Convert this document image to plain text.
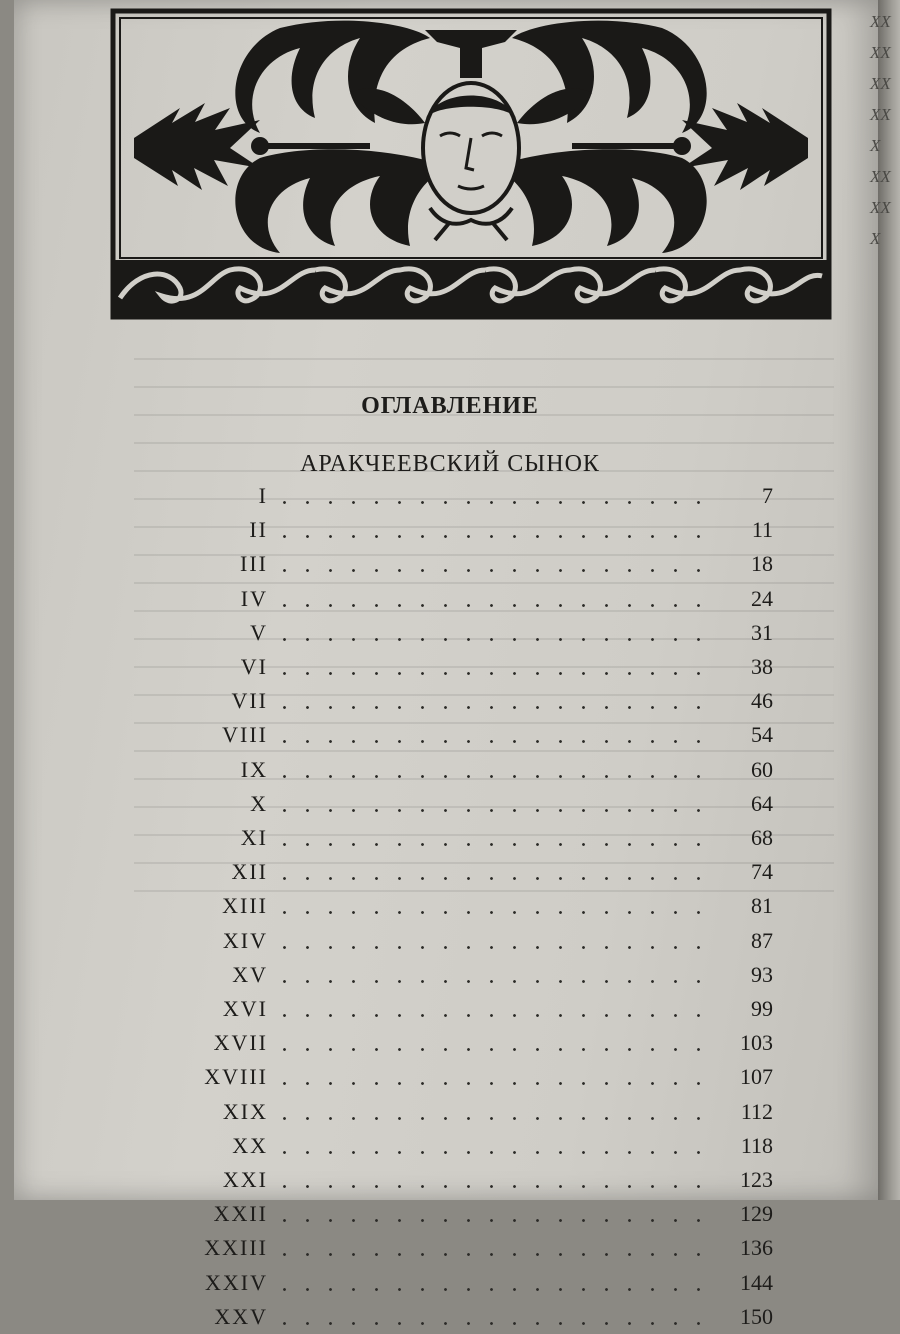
XX
XX
XX
XX
X
XX
XX
X
ОГЛАВЛЕНИЕ
АРАКЧЕЕВСКИЙ СЫНОК
I	7
II	11
III	18
IV	24
V	31
VI	38
VII	46
VIII	54
IX	60
X	64
XI	68
XII	74
XIII	81
XIV	87
XV	93
XVI	99
XVII	103
XVIII	107
XIX	112
XX	118
XXI	123
XXII	129
XXIII	136
XXIV	144
XXV	150
